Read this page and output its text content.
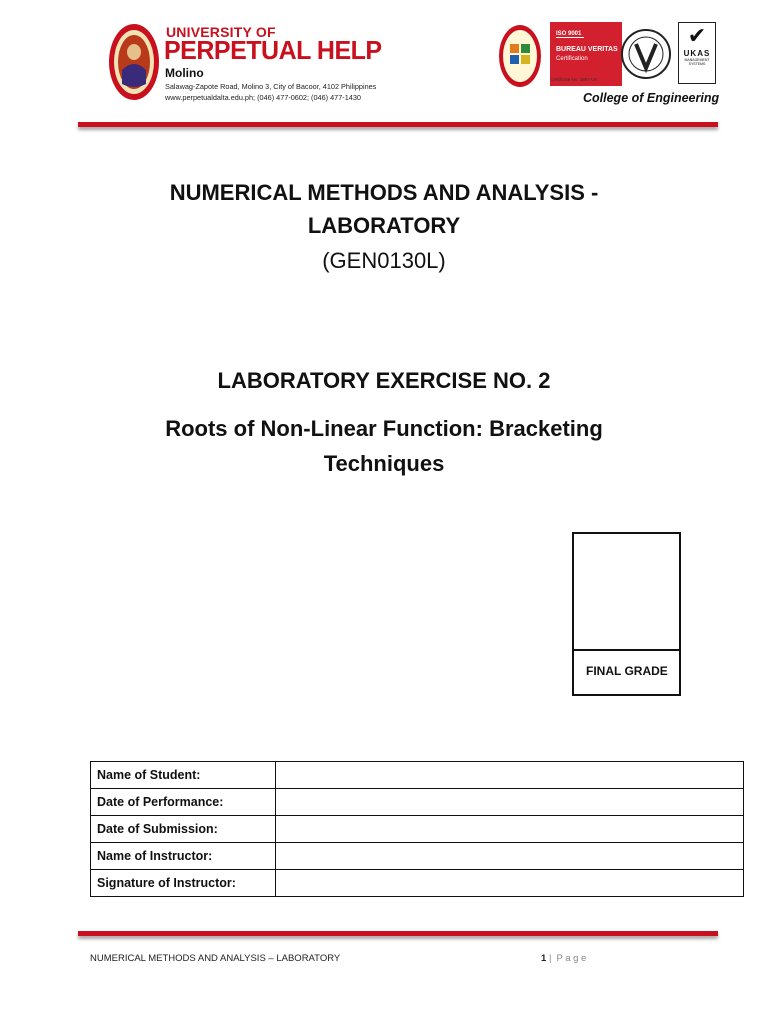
UNIVERSITY OF
PERPETUAL HELP
Molino
Salawag-Zapote Road, Molino 3, City of Bacoor, 4102 Philippines
www.perpetualdalta.edu.ph; (046) 477-0602; (046) 477-1430
ISO 9001
BUREAU VERITAS
Certification
Certificate No. 3897-UK
✔
UKAS
MANAGEMENT SYSTEMS
College of Engineering
NUMERICAL METHODS AND ANALYSIS -
LABORATORY
(GEN0130L)
LABORATORY EXERCISE NO. 2
Roots of Non-Linear Function: Bracketing
Techniques
FINAL GRADE
Name of Student:	
Date of Performance:	
Date of Submission:	
Name of Instructor:	
Signature of Instructor:	
NUMERICAL METHODS AND ANALYSIS – LABORATORY	1 | Page
